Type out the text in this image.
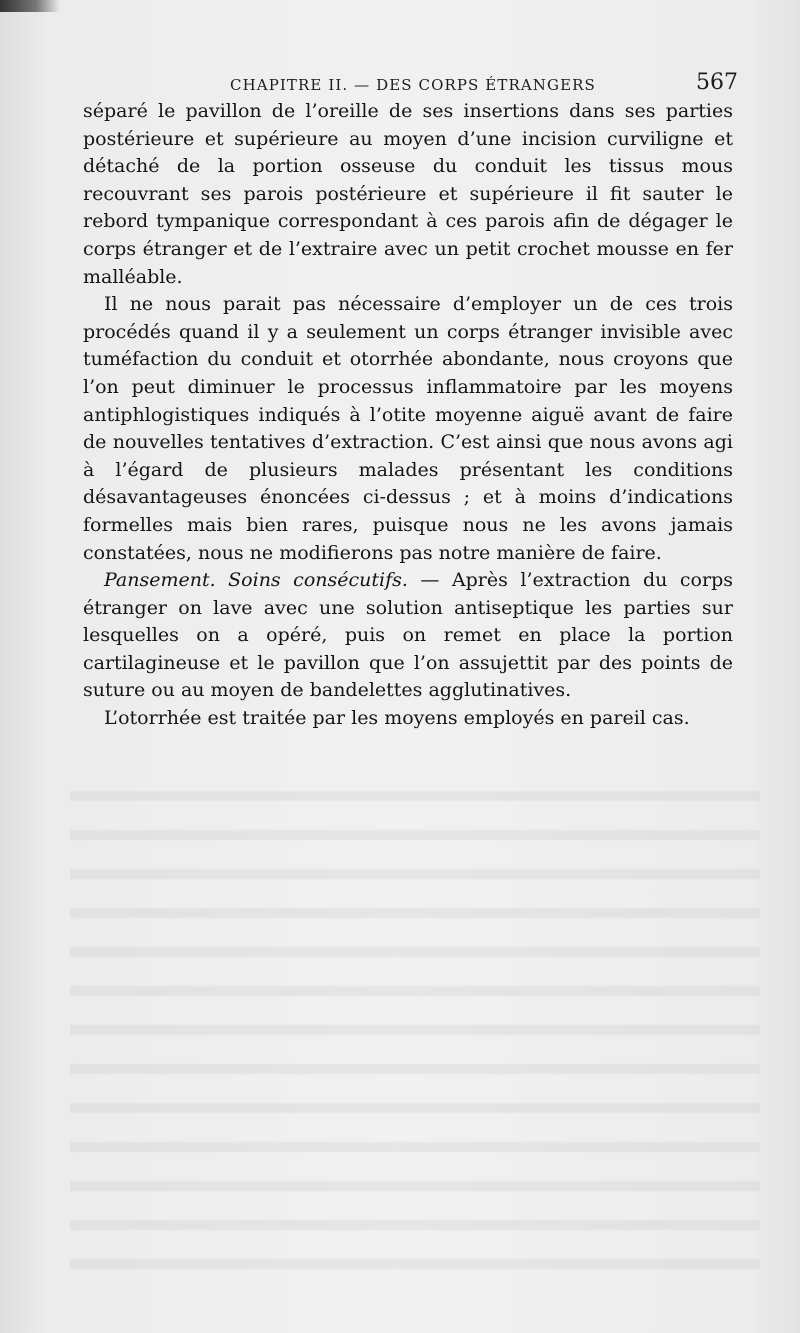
CHAPITRE II. — DES CORPS ÉTRANGERS	567

séparé le pavillon de l’oreille de ses insertions dans ses parties postérieure et supérieure au moyen d’une incision curviligne et détaché de la portion osseuse du conduit les tissus mous recouvrant ses parois postérieure et supérieure il fit sauter le rebord tympanique correspondant à ces parois afin de dégager le corps étranger et de l’extraire avec un petit crochet mousse en fer malléable.

Il ne nous parait pas nécessaire d’employer un de ces trois procédés quand il y a seulement un corps étranger invisible avec tuméfaction du conduit et otorrhée abondante, nous croyons que l’on peut diminuer le processus inflammatoire par les moyens antiphlogistiques indiqués à l’otite moyenne aiguë avant de faire de nouvelles tentatives d’extraction. C’est ainsi que nous avons agi à l’égard de plusieurs malades présentant les conditions désavantageuses énoncées ci-dessus ; et à moins d’indications formelles mais bien rares, puisque nous ne les avons jamais constatées, nous ne modifierons pas notre manière de faire.

Pansement. Soins consécutifs. — Après l’extraction du corps étranger on lave avec une solution antiseptique les parties sur lesquelles on a opéré, puis on remet en place la portion cartilagineuse et le pavillon que l’on assujettit par des points de suture ou au moyen de bandelettes agglutinatives.

L’otorrhée est traitée par les moyens employés en pareil cas.
